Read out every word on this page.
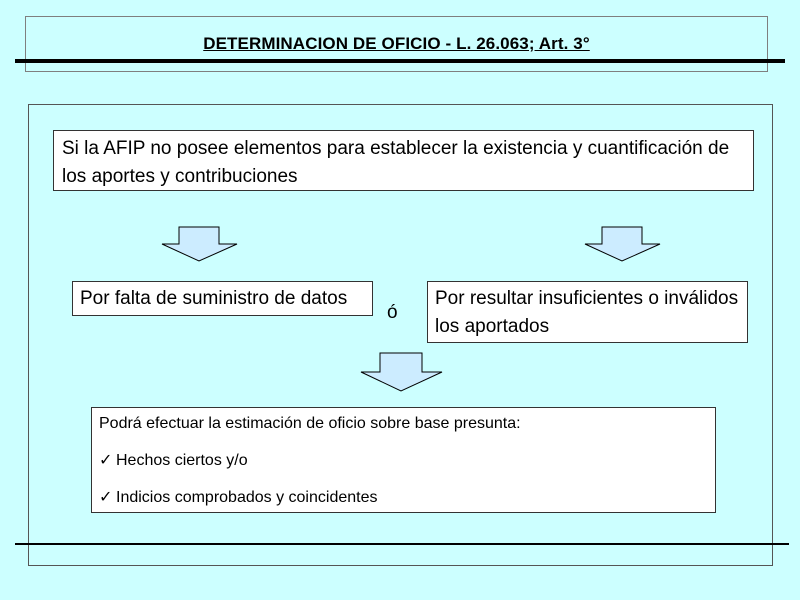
DETERMINACION DE OFICIO - L. 26.063; Art. 3°
Si la AFIP no posee elementos para establecer la existencia y cuantificación de los aportes y contribuciones
Por falta de suministro de datos
ó
Por resultar insuficientes o inválidos los aportados
Podrá efectuar la estimación de oficio sobre base presunta:
✓ Hechos ciertos y/o
✓ Indicios comprobados y coincidentes
